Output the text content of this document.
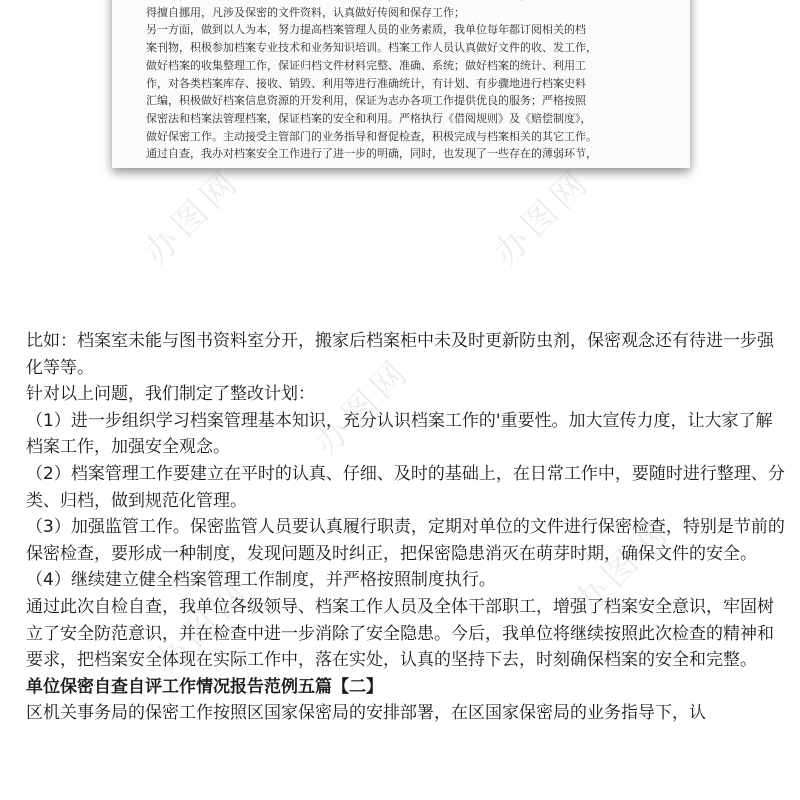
办图网	办图网
办图网
办图网
办图网
得擅自挪用，凡涉及保密的文件资料，认真做好传阅和保存工作；
另一方面，做到以人为本，努力提高档案管理人员的业务素质，我单位每年都订阅相关的档
案刊物，积极参加档案专业技术和业务知识培训。档案工作人员认真做好文件的收、发工作，
做好档案的收集整理工作，保证归档文件材料完整、准确、系统；做好档案的统计、利用工
作，对各类档案库存、接收、销毁、利用等进行准确统计，有计划、有步骤地进行档案史料
汇编，积极做好档案信息资源的开发利用，保证为志办各项工作提供优良的服务；严格按照
保密法和档案法管理档案，保证档案的安全和利用。严格执行《借阅规则》及《赔偿制度》，
做好保密工作。主动接受主管部门的业务指导和督促检查，积极完成与档案相关的其它工作。
通过自查，我办对档案安全工作进行了进一步的明确，同时，也发现了一些存在的薄弱环节，

比如：档案室未能与图书资料室分开，搬家后档案柜中未及时更新防虫剂，保密观念还有待进一步强化等等。

针对以上问题，我们制定了整改计划：

（1）进一步组织学习档案管理基本知识，充分认识档案工作的'重要性。加大宣传力度，让大家了解档案工作，加强安全观念。

（2）档案管理工作要建立在平时的认真、仔细、及时的基础上，在日常工作中，要随时进行整理、分类、归档，做到规范化管理。

（3）加强监管工作。保密监管人员要认真履行职责，定期对单位的文件进行保密检查，特别是节前的保密检查，要形成一种制度，发现问题及时纠正，把保密隐患消灭在萌芽时期，确保文件的安全。

（4）继续建立健全档案管理工作制度，并严格按照制度执行。

通过此次自检自查，我单位各级领导、档案工作人员及全体干部职工，增强了档案安全意识，牢固树立了安全防范意识，并在检查中进一步消除了安全隐患。今后，我单位将继续按照此次检查的精神和要求，把档案安全体现在实际工作中，落在实处，认真的坚持下去，时刻确保档案的安全和完整。

单位保密自查自评工作情况报告范例五篇【二】

区机关事务局的保密工作按照区国家保密局的安排部署，在区国家保密局的业务指导下，认
